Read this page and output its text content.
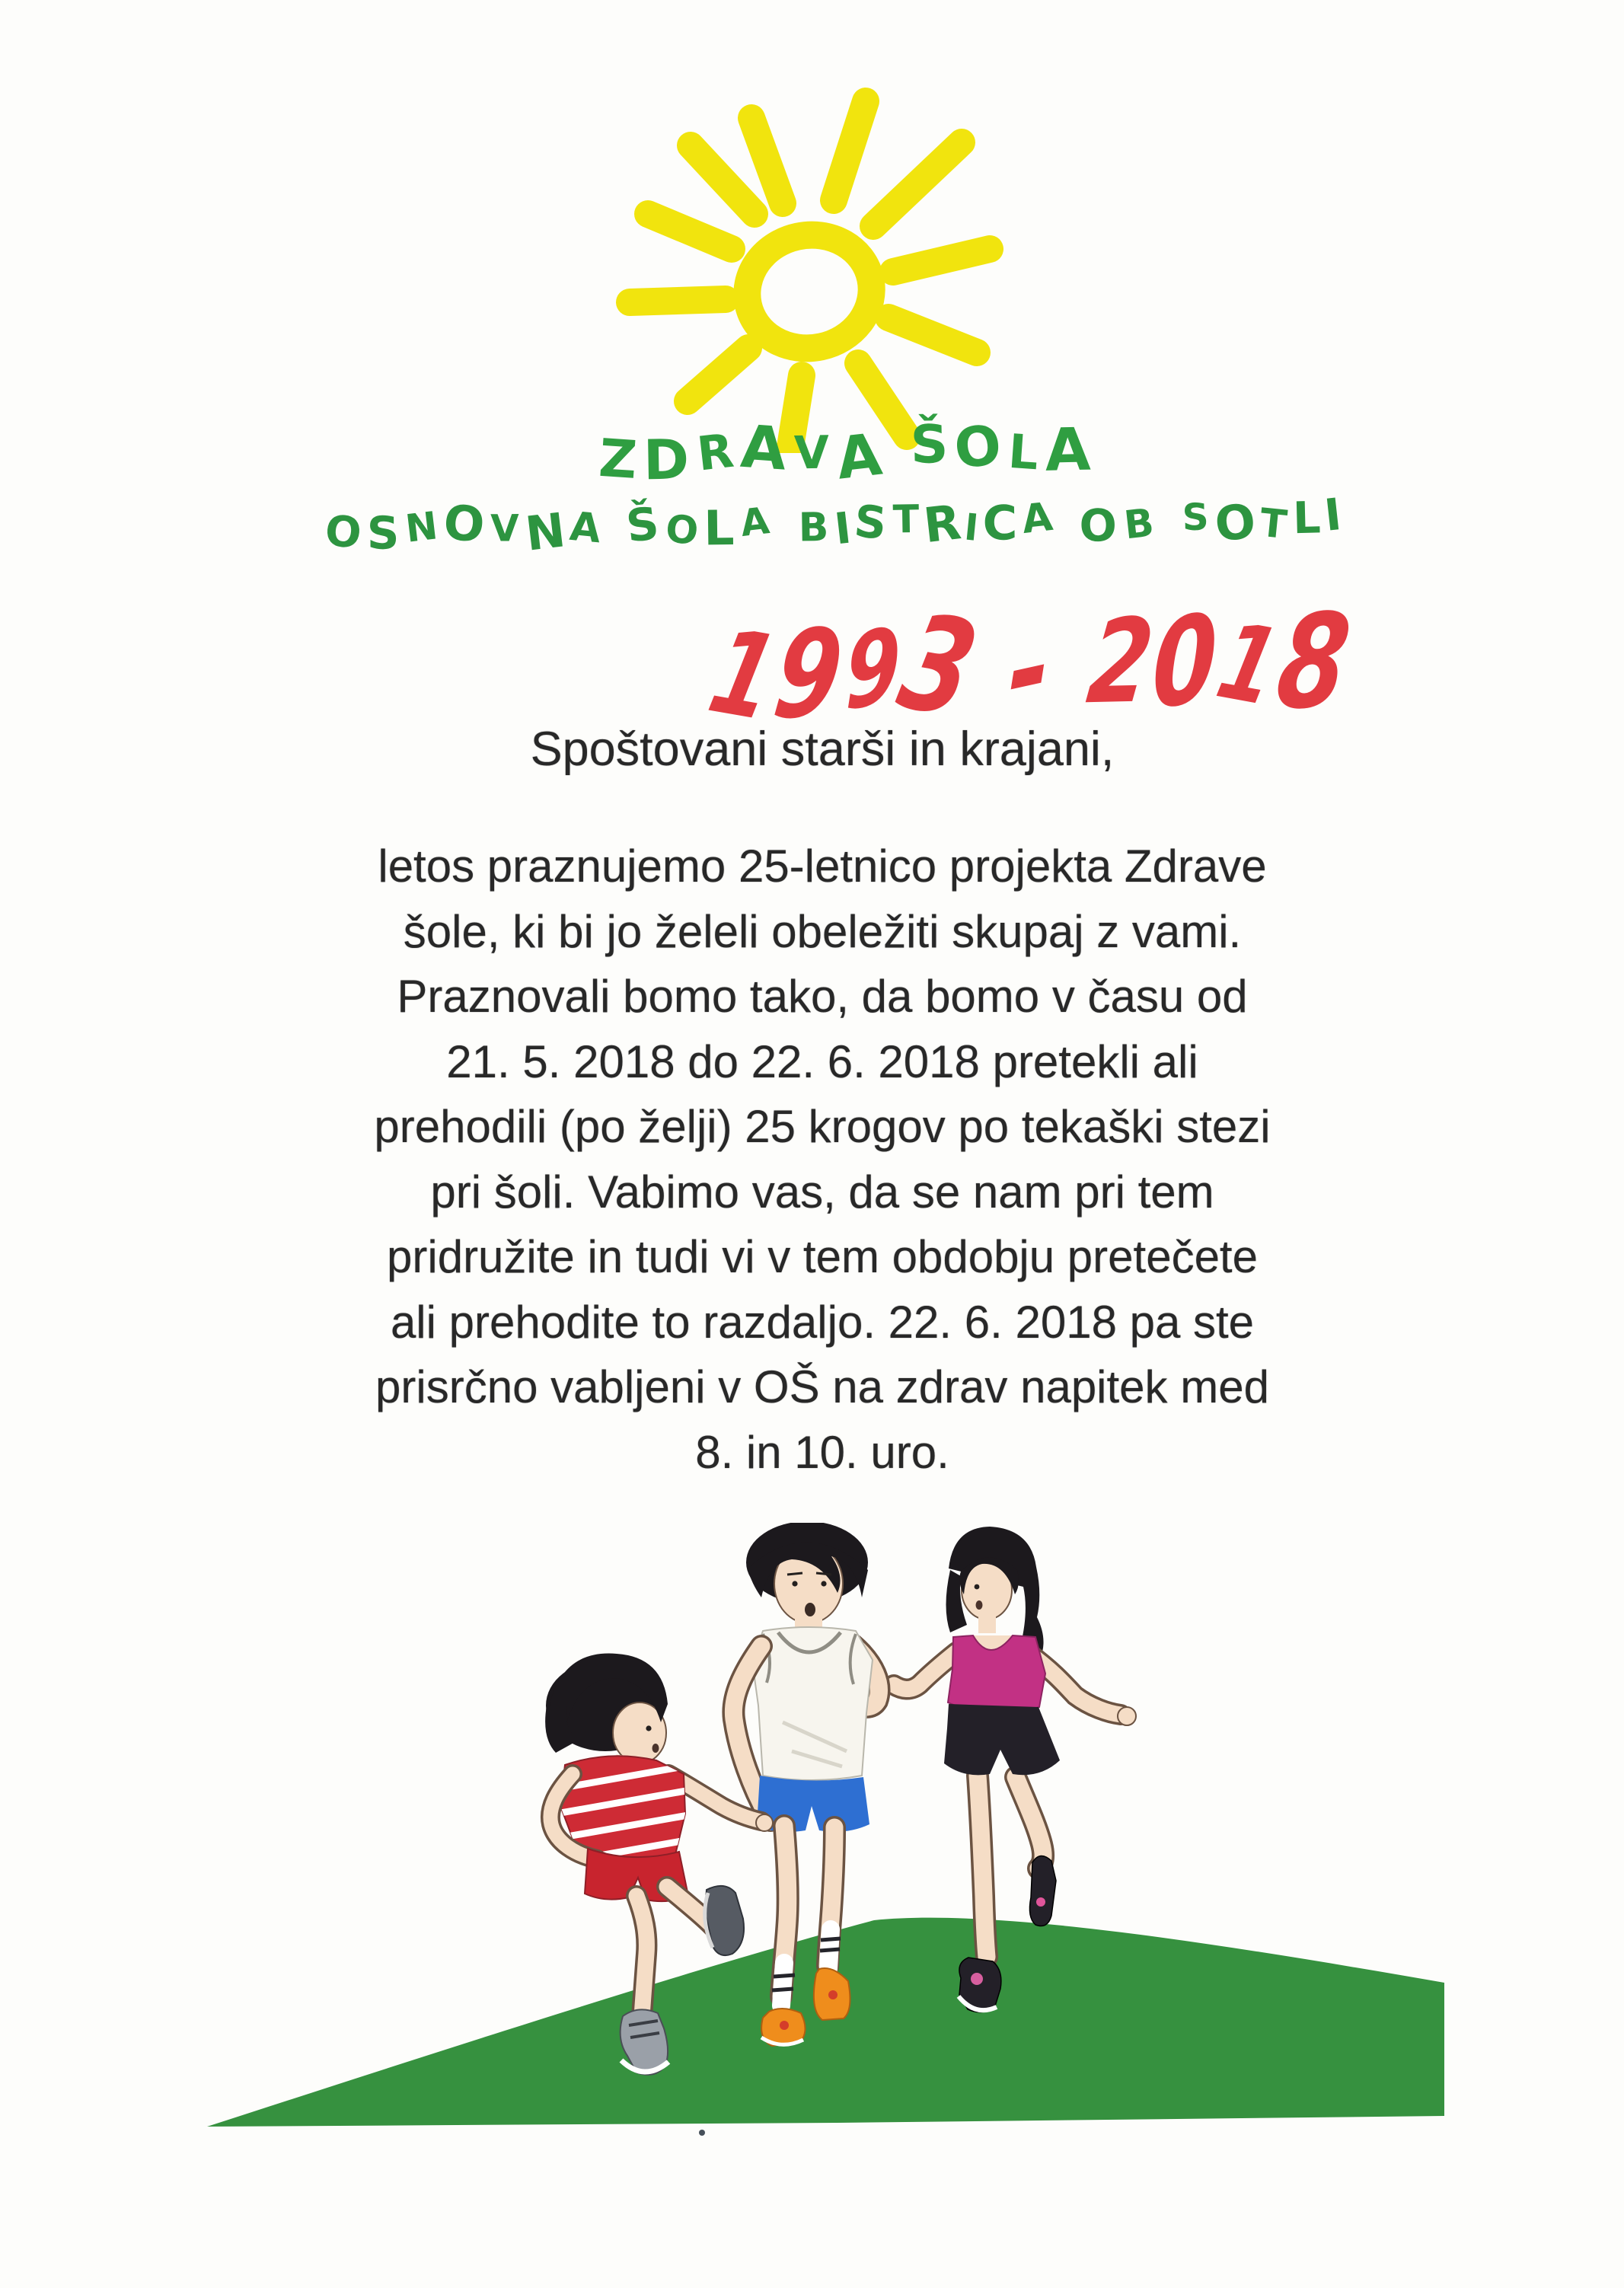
ZDRAVA ŠOLA
OSNOVNA ŠOLA BISTRICA OB SOTLI
1993 - 2018
Spoštovani starši in krajani,
letos praznujemo 25-letnico projekta Zdrave
šole, ki bi jo želeli obeležiti skupaj z vami.
Praznovali bomo tako, da bomo v času od
21. 5. 2018 do 22. 6. 2018 pretekli ali
prehodili (po želji) 25 krogov po tekaški stezi
pri šoli. Vabimo vas, da se nam pri tem
pridružite in tudi vi v tem obdobju pretečete
ali prehodite to razdaljo. 22. 6. 2018 pa ste
prisrčno vabljeni v OŠ na zdrav napitek med
8. in 10. uro.
